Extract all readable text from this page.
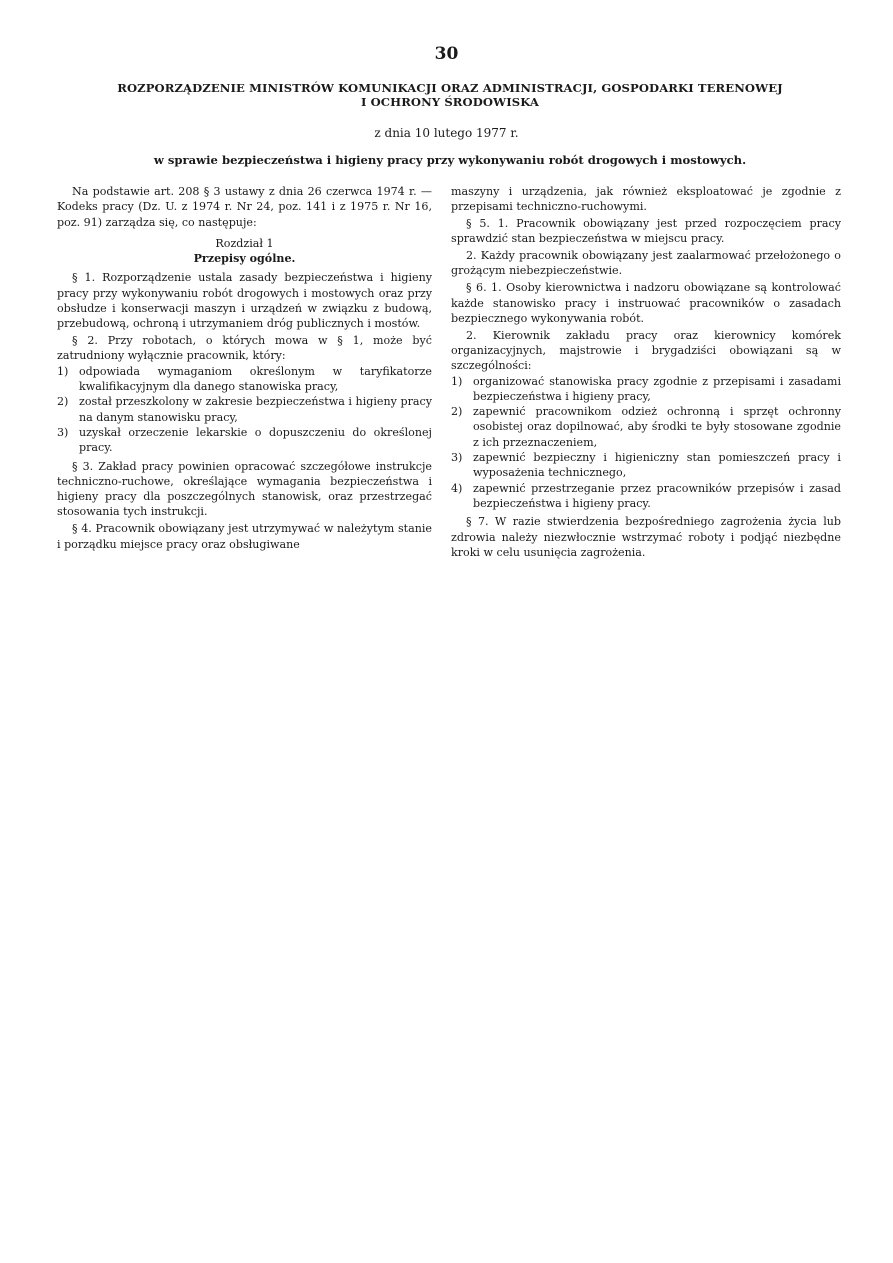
30
ROZPORZĄDZENIE MINISTRÓW KOMUNIKACJI ORAZ ADMINISTRACJI, GOSPODARKI TERENOWEJ
I OCHRONY ŚRODOWISKA
z dnia 10 lutego 1977 r.
w sprawie bezpieczeństwa i higieny pracy przy wykonywaniu robót drogowych i mostowych.

Na podstawie art. 208 § 3 ustawy z dnia 26 czerwca 1974 r. — Kodeks pracy (Dz. U. z 1974 r. Nr 24, poz. 141 i z 1975 r. Nr 16, poz. 91) zarządza się, co następuje:

Rozdział 1
Przepisy ogólne.

§ 1. Rozporządzenie ustala zasady bezpieczeństwa i higieny pracy przy wykonywaniu robót drogowych i mostowych oraz przy obsłudze i konserwacji maszyn i urządzeń w związku z budową, przebudową, ochroną i utrzymaniem dróg publicznych i mostów.

§ 2. Przy robotach, o których mowa w § 1, może być zatrudniony wyłącznie pracownik, który:

1) odpowiada wymaganiom określonym w taryfikatorze kwalifikacyjnym dla danego stanowiska pracy,
2) został przeszkolony w zakresie bezpieczeństwa i higieny pracy na danym stanowisku pracy,
3) uzyskał orzeczenie lekarskie o dopuszczeniu do określonej pracy.

§ 3. Zakład pracy powinien opracować szczegółowe instrukcje techniczno-ruchowe, określające wymagania bezpieczeństwa i higieny pracy dla poszczególnych stanowisk, oraz przestrzegać stosowania tych instrukcji.

§ 4. Pracownik obowiązany jest utrzymywać w należytym stanie i porządku miejsce pracy oraz obsługiwane

maszyny i urządzenia, jak również eksploatować je zgodnie z przepisami techniczno-ruchowymi.

§ 5. 1. Pracownik obowiązany jest przed rozpoczęciem pracy sprawdzić stan bezpieczeństwa w miejscu pracy.

2. Każdy pracownik obowiązany jest zaalarmować przełożonego o grożącym niebezpieczeństwie.

§ 6. 1. Osoby kierownictwa i nadzoru obowiązane są kontrolować każde stanowisko pracy i instruować pracowników o zasadach bezpiecznego wykonywania robót.

2. Kierownik zakładu pracy oraz kierownicy komórek organizacyjnych, majstrowie i brygadziści obowiązani są w szczególności:

1) organizować stanowiska pracy zgodnie z przepisami i zasadami bezpieczeństwa i higieny pracy,
2) zapewnić pracownikom odzież ochronną i sprzęt ochronny osobistej oraz dopilnować, aby środki te były stosowane zgodnie z ich przeznaczeniem,
3) zapewnić bezpieczny i higieniczny stan pomieszczeń pracy i wyposażenia technicznego,
4) zapewnić przestrzeganie przez pracowników przepisów i zasad bezpieczeństwa i higieny pracy.

§ 7. W razie stwierdzenia bezpośredniego zagrożenia życia lub zdrowia należy niezwłocznie wstrzymać roboty i podjąć niezbędne kroki w celu usunięcia zagrożenia.
